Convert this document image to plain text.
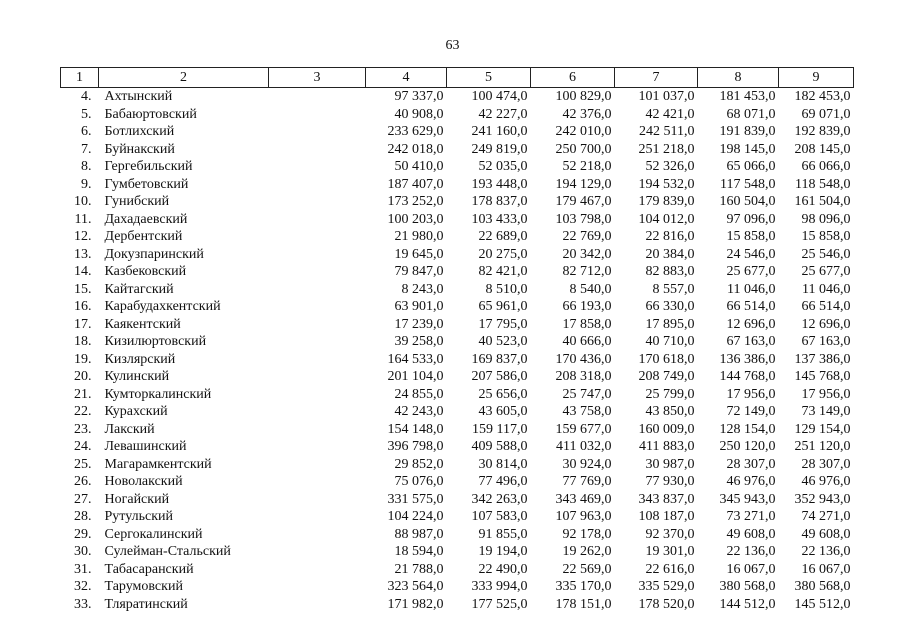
63
1	2	3	4	5	6	7	8	9
4.	Ахтынский		97 337,0	100 474,0	100 829,0	101 037,0	181 453,0	182 453,0
5.	Бабаюртовский		40 908,0	42 227,0	42 376,0	42 421,0	68 071,0	69 071,0
6.	Ботлихский		233 629,0	241 160,0	242 010,0	242 511,0	191 839,0	192 839,0
7.	Буйнакский		242 018,0	249 819,0	250 700,0	251 218,0	198 145,0	208 145,0
8.	Гергебильский		50 410,0	52 035,0	52 218,0	52 326,0	65 066,0	66 066,0
9.	Гумбетовский		187 407,0	193 448,0	194 129,0	194 532,0	117 548,0	118 548,0
10.	Гунибский		173 252,0	178 837,0	179 467,0	179 839,0	160 504,0	161 504,0
11.	Дахадаевский		100 203,0	103 433,0	103 798,0	104 012,0	97 096,0	98 096,0
12.	Дербентский		21 980,0	22 689,0	22 769,0	22 816,0	15 858,0	15 858,0
13.	Докузпаринский		19 645,0	20 275,0	20 342,0	20 384,0	24 546,0	25 546,0
14.	Казбековский		79 847,0	82 421,0	82 712,0	82 883,0	25 677,0	25 677,0
15.	Кайтагский		8 243,0	8 510,0	8 540,0	8 557,0	11 046,0	11 046,0
16.	Карабудахкентский		63 901,0	65 961,0	66 193,0	66 330,0	66 514,0	66 514,0
17.	Каякентский		17 239,0	17 795,0	17 858,0	17 895,0	12 696,0	12 696,0
18.	Кизилюртовский		39 258,0	40 523,0	40 666,0	40 710,0	67 163,0	67 163,0
19.	Кизлярский		164 533,0	169 837,0	170 436,0	170 618,0	136 386,0	137 386,0
20.	Кулинский		201 104,0	207 586,0	208 318,0	208 749,0	144 768,0	145 768,0
21.	Кумторкалинский		24 855,0	25 656,0	25 747,0	25 799,0	17 956,0	17 956,0
22.	Курахский		42 243,0	43 605,0	43 758,0	43 850,0	72 149,0	73 149,0
23.	Лакский		154 148,0	159 117,0	159 677,0	160 009,0	128 154,0	129 154,0
24.	Левашинский		396 798,0	409 588,0	411 032,0	411 883,0	250 120,0	251 120,0
25.	Магарамкентский		29 852,0	30 814,0	30 924,0	30 987,0	28 307,0	28 307,0
26.	Новолакский		75 076,0	77 496,0	77 769,0	77 930,0	46 976,0	46 976,0
27.	Ногайский		331 575,0	342 263,0	343 469,0	343 837,0	345 943,0	352 943,0
28.	Рутульский		104 224,0	107 583,0	107 963,0	108 187,0	73 271,0	74 271,0
29.	Сергокалинский		88 987,0	91 855,0	92 178,0	92 370,0	49 608,0	49 608,0
30.	Сулейман-Стальский		18 594,0	19 194,0	19 262,0	19 301,0	22 136,0	22 136,0
31.	Табасаранский		21 788,0	22 490,0	22 569,0	22 616,0	16 067,0	16 067,0
32.	Тарумовский		323 564,0	333 994,0	335 170,0	335 529,0	380 568,0	380 568,0
33.	Тляратинский		171 982,0	177 525,0	178 151,0	178 520,0	144 512,0	145 512,0
